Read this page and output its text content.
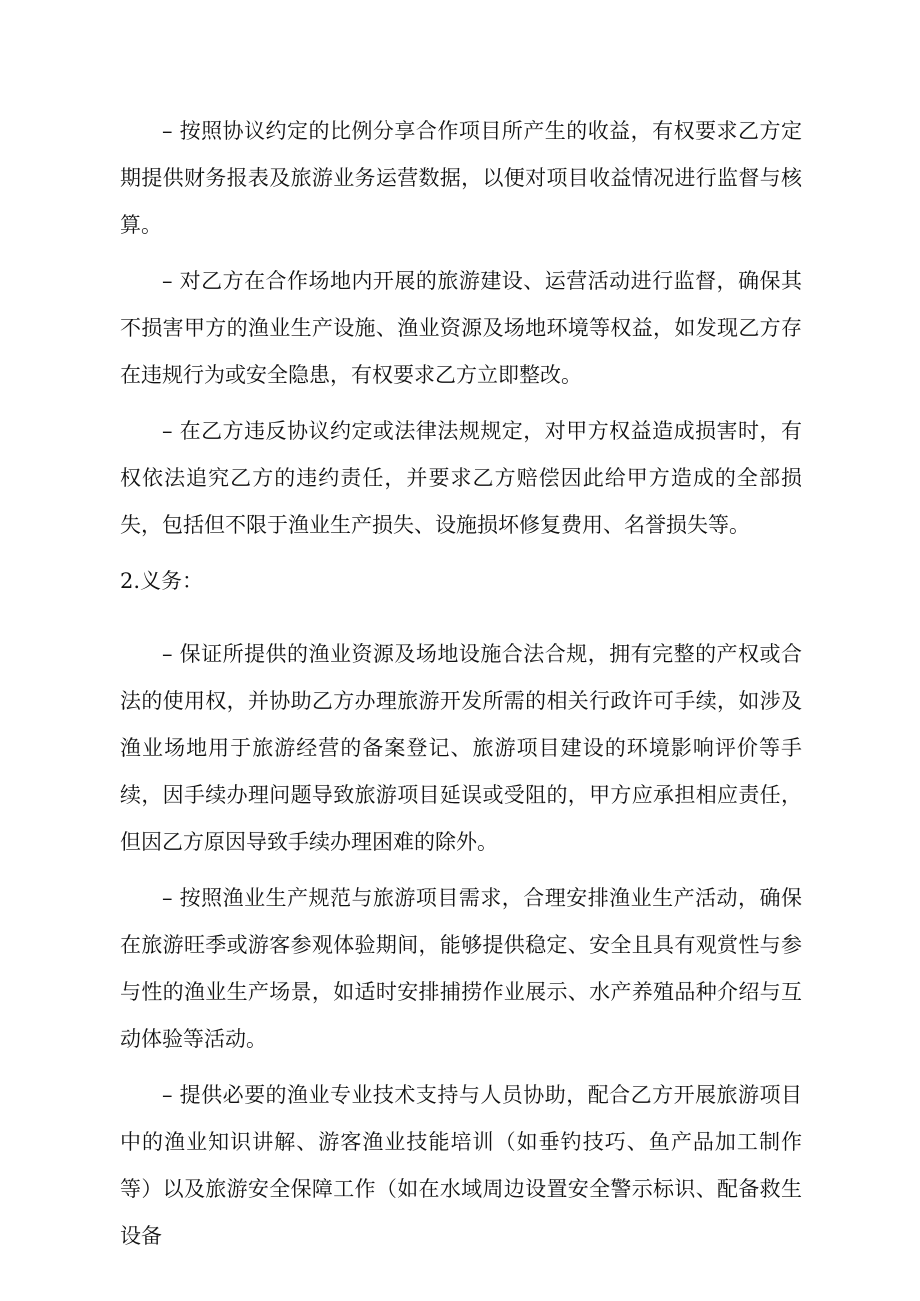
– 按照协议约定的比例分享合作项目所产生的收益，有权要求乙方定期提供财务报表及旅游业务运营数据，以便对项目收益情况进行监督与核算。

– 对乙方在合作场地内开展的旅游建设、运营活动进行监督，确保其不损害甲方的渔业生产设施、渔业资源及场地环境等权益，如发现乙方存在违规行为或安全隐患，有权要求乙方立即整改。

– 在乙方违反协议约定或法律法规规定，对甲方权益造成损害时，有权依法追究乙方的违约责任，并要求乙方赔偿因此给甲方造成的全部损失，包括但不限于渔业生产损失、设施损坏修复费用、名誉损失等。

2.义务：

– 保证所提供的渔业资源及场地设施合法合规，拥有完整的产权或合法的使用权，并协助乙方办理旅游开发所需的相关行政许可手续，如涉及渔业场地用于旅游经营的备案登记、旅游项目建设的环境影响评价等手续，因手续办理问题导致旅游项目延误或受阻的，甲方应承担相应责任，但因乙方原因导致手续办理困难的除外。

– 按照渔业生产规范与旅游项目需求，合理安排渔业生产活动，确保在旅游旺季或游客参观体验期间，能够提供稳定、安全且具有观赏性与参与性的渔业生产场景，如适时安排捕捞作业展示、水产养殖品种介绍与互动体验等活动。

– 提供必要的渔业专业技术支持与人员协助，配合乙方开展旅游项目中的渔业知识讲解、游客渔业技能培训（如垂钓技巧、鱼产品加工制作等）以及旅游安全保障工作（如在水域周边设置安全警示标识、配备救生设备
